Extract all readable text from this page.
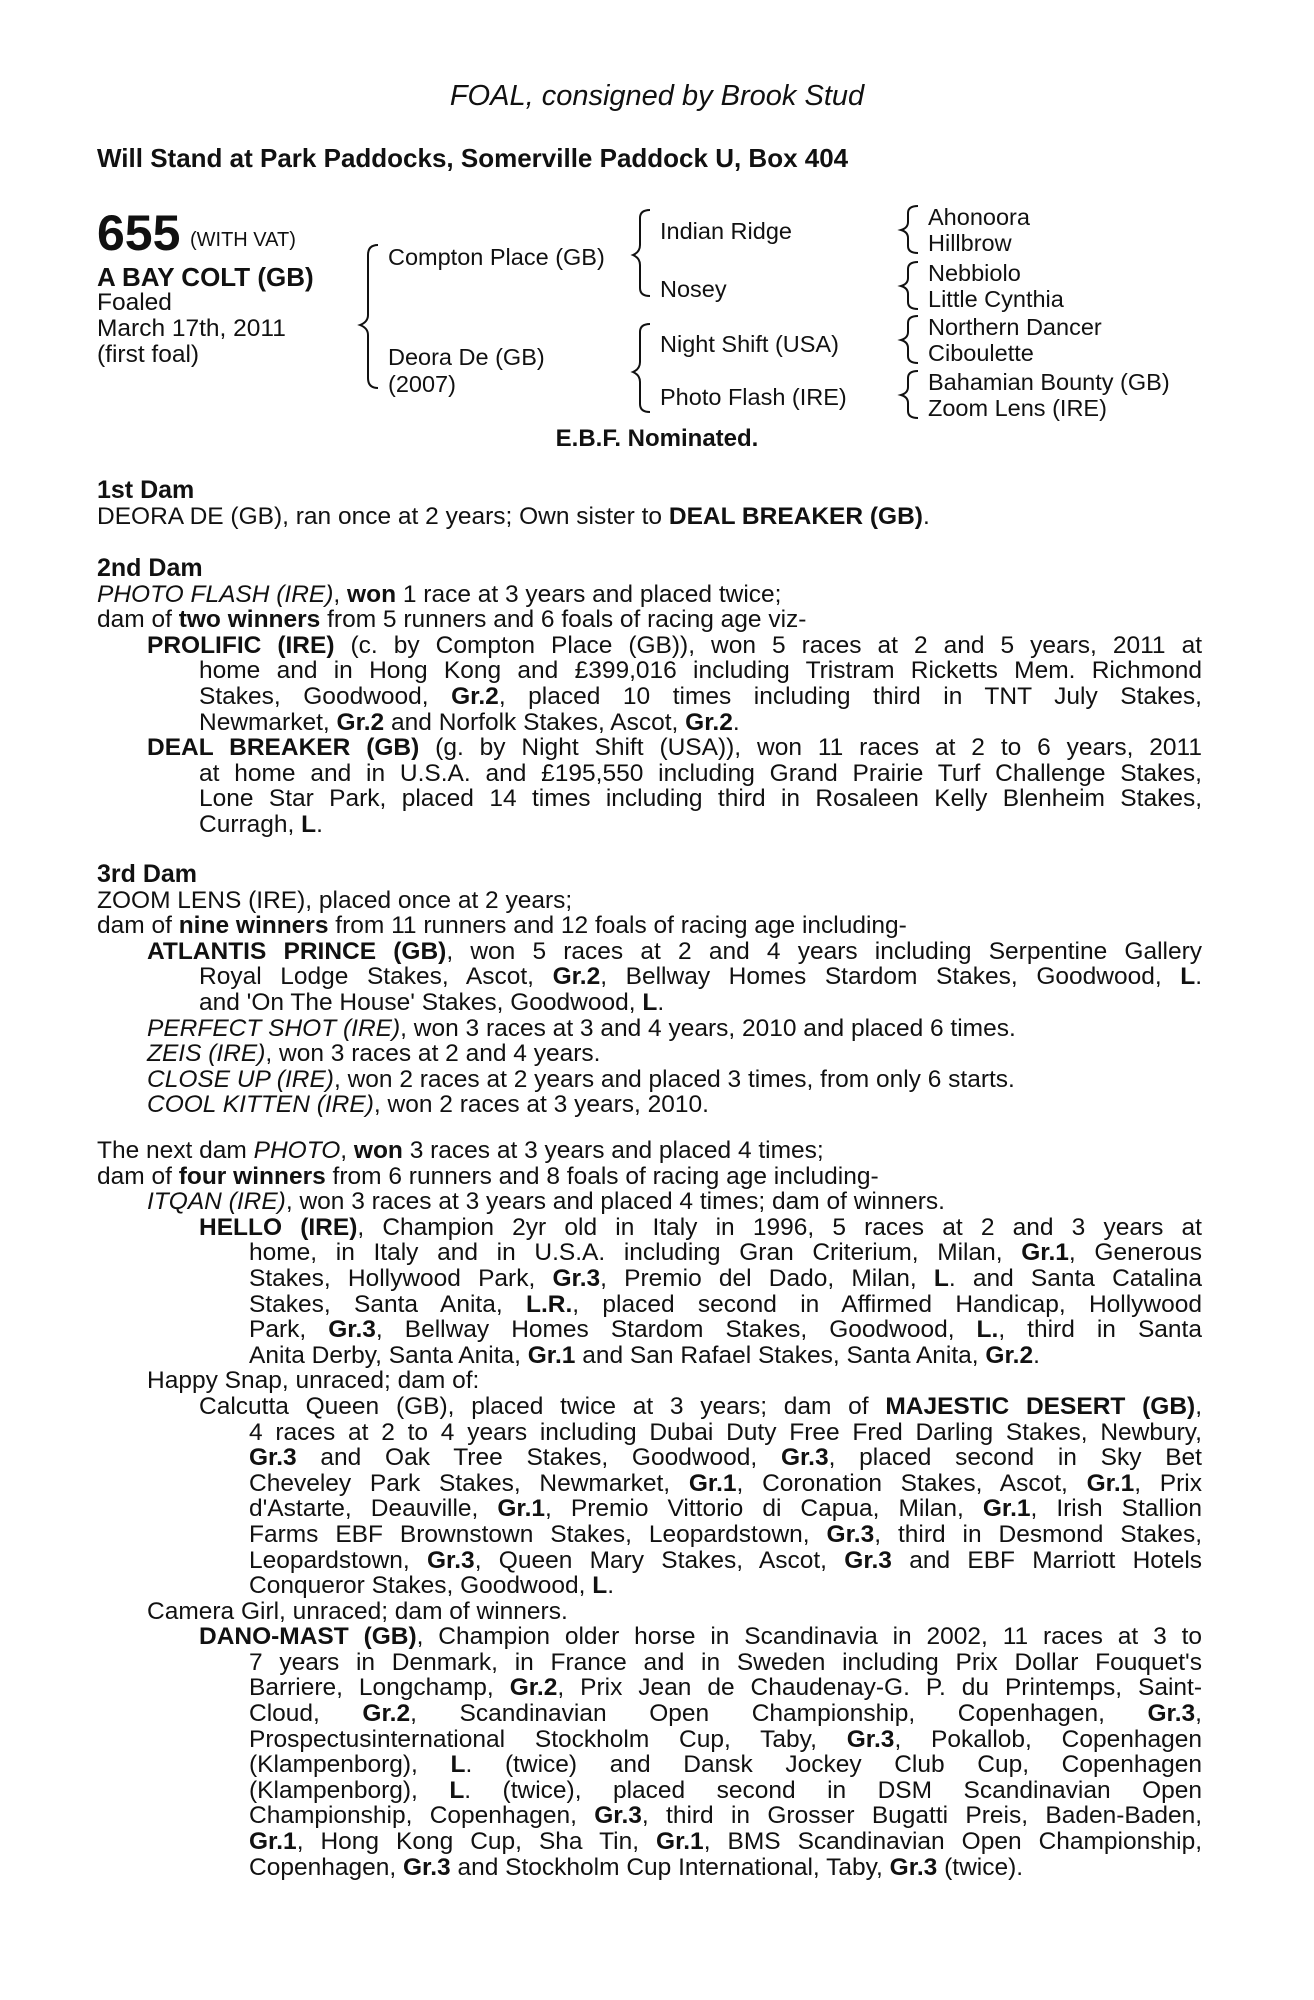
FOAL, consigned by Brook Stud
Will Stand at Park Paddocks, Somerville Paddock U, Box 404
655 (WITH VAT)
A BAY COLT (GB)
Foaled
March 17th, 2011
(first foal)
Compton Place (GB)
Deora De (GB)
(2007)
Indian Ridge
Nosey
Night Shift (USA)
Photo Flash (IRE)
Ahonoora
Hillbrow
Nebbiolo
Little Cynthia
Northern Dancer
Ciboulette
Bahamian Bounty (GB)
Zoom Lens (IRE)
E.B.F. Nominated.
1st Dam
DEORA DE (GB), ran once at 2 years; Own sister to DEAL BREAKER (GB).
2nd Dam
PHOTO FLASH (IRE), won 1 race at 3 years and placed twice;
dam of two winners from 5 runners and 6 foals of racing age viz-
PROLIFIC (IRE) (c. by Compton Place (GB)), won 5 races at 2 and 5 years, 2011 at
home and in Hong Kong and £399,016 including Tristram Ricketts Mem. Richmond
Stakes, Goodwood, Gr.2, placed 10 times including third in TNT July Stakes,
Newmarket, Gr.2 and Norfolk Stakes, Ascot, Gr.2.
DEAL BREAKER (GB) (g. by Night Shift (USA)), won 11 races at 2 to 6 years, 2011
at home and in U.S.A. and £195,550 including Grand Prairie Turf Challenge Stakes,
Lone Star Park, placed 14 times including third in Rosaleen Kelly Blenheim Stakes,
Curragh, L.
3rd Dam
ZOOM LENS (IRE), placed once at 2 years;
dam of nine winners from 11 runners and 12 foals of racing age including-
ATLANTIS PRINCE (GB), won 5 races at 2 and 4 years including Serpentine Gallery
Royal Lodge Stakes, Ascot, Gr.2, Bellway Homes Stardom Stakes, Goodwood, L.
and 'On The House' Stakes, Goodwood, L.
PERFECT SHOT (IRE), won 3 races at 3 and 4 years, 2010 and placed 6 times.
ZEIS (IRE), won 3 races at 2 and 4 years.
CLOSE UP (IRE), won 2 races at 2 years and placed 3 times, from only 6 starts.
COOL KITTEN (IRE), won 2 races at 3 years, 2010.
The next dam PHOTO, won 3 races at 3 years and placed 4 times;
dam of four winners from 6 runners and 8 foals of racing age including-
ITQAN (IRE), won 3 races at 3 years and placed 4 times; dam of winners.
HELLO (IRE), Champion 2yr old in Italy in 1996, 5 races at 2 and 3 years at
home, in Italy and in U.S.A. including Gran Criterium, Milan, Gr.1, Generous
Stakes, Hollywood Park, Gr.3, Premio del Dado, Milan, L. and Santa Catalina
Stakes, Santa Anita, L.R., placed second in Affirmed Handicap, Hollywood
Park, Gr.3, Bellway Homes Stardom Stakes, Goodwood, L., third in Santa
Anita Derby, Santa Anita, Gr.1 and San Rafael Stakes, Santa Anita, Gr.2.
Happy Snap, unraced; dam of:
Calcutta Queen (GB), placed twice at 3 years; dam of MAJESTIC DESERT (GB),
4 races at 2 to 4 years including Dubai Duty Free Fred Darling Stakes, Newbury,
Gr.3 and Oak Tree Stakes, Goodwood, Gr.3, placed second in Sky Bet
Cheveley Park Stakes, Newmarket, Gr.1, Coronation Stakes, Ascot, Gr.1, Prix
d'Astarte, Deauville, Gr.1, Premio Vittorio di Capua, Milan, Gr.1, Irish Stallion
Farms EBF Brownstown Stakes, Leopardstown, Gr.3, third in Desmond Stakes,
Leopardstown, Gr.3, Queen Mary Stakes, Ascot, Gr.3 and EBF Marriott Hotels
Conqueror Stakes, Goodwood, L.
Camera Girl, unraced; dam of winners.
DANO-MAST (GB), Champion older horse in Scandinavia in 2002, 11 races at 3 to
7 years in Denmark, in France and in Sweden including Prix Dollar Fouquet's
Barriere, Longchamp, Gr.2, Prix Jean de Chaudenay-G. P. du Printemps, Saint-
Cloud, Gr.2, Scandinavian Open Championship, Copenhagen, Gr.3,
Prospectusinternational Stockholm Cup, Taby, Gr.3, Pokallob, Copenhagen
(Klampenborg), L. (twice) and Dansk Jockey Club Cup, Copenhagen
(Klampenborg), L. (twice), placed second in DSM Scandinavian Open
Championship, Copenhagen, Gr.3, third in Grosser Bugatti Preis, Baden-Baden,
Gr.1, Hong Kong Cup, Sha Tin, Gr.1, BMS Scandinavian Open Championship,
Copenhagen, Gr.3 and Stockholm Cup International, Taby, Gr.3 (twice).
